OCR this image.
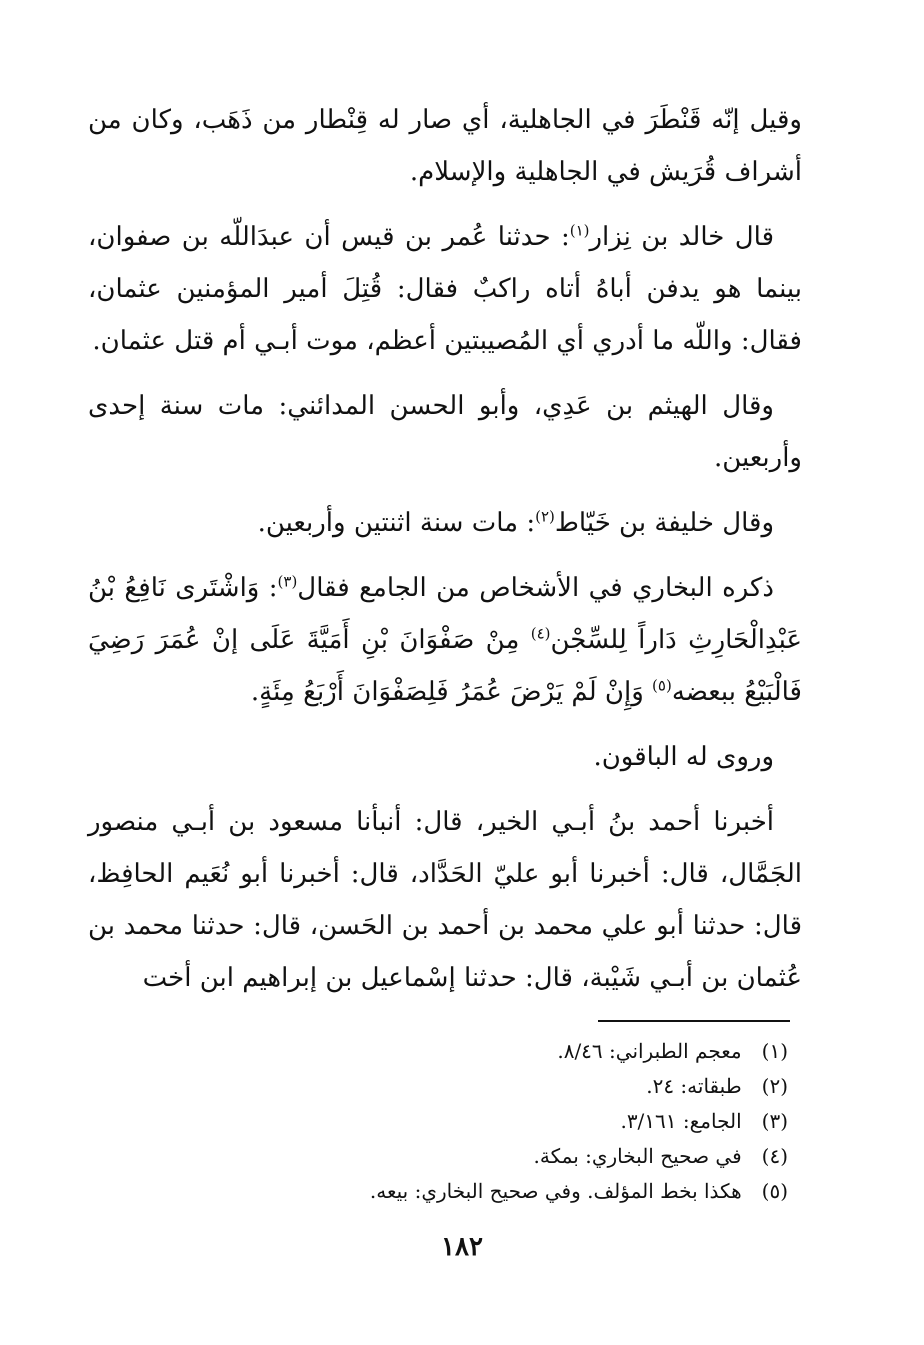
وقيل إنّه قَنْطَرَ في الجاهلية، أي صار له قِنْطار من ذَهَب، وكان من أشراف قُرَيش في الجاهلية والإسلام.

قال خالد بن نِزار$^{(١)}$: حدثنا عُمر بن قيس أن عبدَاللّه بن صفوان، بينما هو يدفن أباهُ أتاه راكبٌ فقال: قُتِلَ أمير المؤمنين عثمان، فقال: واللّه ما أدري أي المُصيبتين أعظم، موت أبـي أم قتل عثمان.

وقال الهيثم بن عَدِي، وأبو الحسن المدائني: مات سنة إحدى وأربعين.

وقال خليفة بن خَيّاط$^{(٢)}$: مات سنة اثنتين وأربعين.

ذكره البخاري في الأشخاص من الجامع فقال$^{(٣)}$: وَاشْتَرى نَافِعُ بْنُ عَبْدِالْحَارِثِ دَاراً لِلسِّجْن$^{(٤)}$ مِنْ صَفْوَانَ بْنِ أَمَيَّةَ عَلَى إنْ عُمَرَ رَضِيَ فَالْبَيْعُ ببعضه$^{(٥)}$ وَإِنْ لَمْ يَرْضَ عُمَرُ فَلِصَفْوَانَ أَرْبَعُ مِئَةٍ.

وروى له الباقون.

أخبرنا أحمد بنُ أبـي الخير، قال: أنبأنا مسعود بن أبـي منصور الجَمَّال، قال: أخبرنا أبو عليّ الحَدَّاد، قال: أخبرنا أبو نُعَيم الحافِظ، قال: حدثنا أبو علي محمد بن أحمد بن الحَسن، قال: حدثنا محمد بن عُثمان بن أبـي شَيْبة، قال: حدثنا إسْماعيل بن إبراهيم ابن أخت

(١) معجم الطبراني: ٨/٤٦.
(٢) طبقاته: ٢٤.
(٣) الجامع: ٣/١٦١.
(٤) في صحيح البخاري: بمكة.
(٥) هكذا بخط المؤلف. وفي صحيح البخاري: بيعه.
١٨٢
